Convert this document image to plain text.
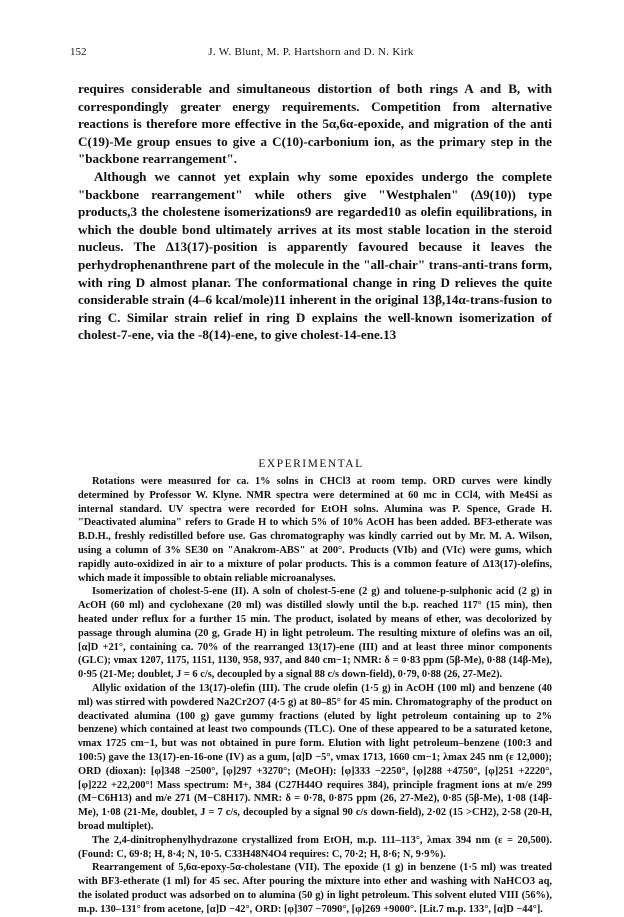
152	J. W. Blunt, M. P. Hartshorn and D. N. Kirk

requires considerable and simultaneous distortion of both rings A and B, with correspondingly greater energy requirements. Competition from alternative reactions is therefore more effective in the 5α,6α-epoxide, and migration of the anti C(19)-Me group ensues to give a C(10)-carbonium ion, as the primary step in the "backbone rearrangement".

Although we cannot yet explain why some epoxides undergo the complete "backbone rearrangement" while others give "Westphalen" (Δ9(10)) type products,3 the cholestene isomerizations9 are regarded10 as olefin equilibrations, in which the double bond ultimately arrives at its most stable location in the steroid nucleus. The Δ13(17)-position is apparently favoured because it leaves the perhydrophenanthrene part of the molecule in the "all-chair" trans-anti-trans form, with ring D almost planar. The conformational change in ring D relieves the quite considerable strain (4–6 kcal/mole)11 inherent in the original 13β,14α-trans-fusion to ring C. Similar strain relief in ring D explains the well-known isomerization of cholest-7-ene, via the -8(14)-ene, to give cholest-14-ene.13

EXPERIMENTAL

Rotations were measured for ca. 1% solns in CHCl3 at room temp. ORD curves were kindly determined by Professor W. Klyne. NMR spectra were determined at 60 mc in CCl4, with Me4Si as internal standard. UV spectra were recorded for EtOH solns. Alumina was P. Spence, Grade H. "Deactivated alumina" refers to Grade H to which 5% of 10% AcOH has been added. BF3-etherate was B.D.H., freshly redistilled before use. Gas chromatography was kindly carried out by Mr. M. A. Wilson, using a column of 3% SE30 on "Anakrom-ABS" at 200°. Products (VIb) and (VIc) were gums, which rapidly auto-oxidized in air to a mixture of polar products. This is a common feature of Δ13(17)-olefins, which made it impossible to obtain reliable microanalyses.

Isomerization of cholest-5-ene (II). A soln of cholest-5-ene (2 g) and toluene-p-sulphonic acid (2 g) in AcOH (60 ml) and cyclohexane (20 ml) was distilled slowly until the b.p. reached 117° (15 min), then heated under reflux for a further 15 min. The product, isolated by means of ether, was decolorized by passage through alumina (20 g, Grade H) in light petroleum. The resulting mixture of olefins was an oil, [α]D +21°, containing ca. 70% of the rearranged 13(17)-ene (III) and at least three minor components (GLC); νmax 1207, 1175, 1151, 1130, 958, 937, and 840 cm−1; NMR: δ = 0·83 ppm (5β-Me), 0·88 (14β-Me), 0·95 (21-Me; doublet, J = 6 c/s, decoupled by a signal 88 c/s down-field), 0·79, 0·88 (26, 27-Me2).

Allylic oxidation of the 13(17)-olefin (III). The crude olefin (1·5 g) in AcOH (100 ml) and benzene (40 ml) was stirred with powdered Na2Cr2O7 (4·5 g) at 80–85° for 45 min. Chromatography of the product on deactivated alumina (100 g) gave gummy fractions (eluted by light petroleum containing up to 2% benzene) which contained at least two compounds (TLC). One of these appeared to be a saturated ketone, νmax 1725 cm−1, but was not obtained in pure form. Elution with light petroleum–benzene (100:3 and 100:5) gave the 13(17)-en-16-one (IV) as a gum, [α]D −5°, νmax 1713, 1660 cm−1; λmax 245 nm (ε 12,000); ORD (dioxan): [φ]348 −2500°, [φ]297 +3270°; (MeOH): [φ]333 −2250°, [φ]288 +4750°, [φ]251 +2220°, [φ]222 +22,200°! Mass spectrum: M+, 384 (C27H44O requires 384), principle fragment ions at m/e 299 (M−C6H13) and m/e 271 (M−C8H17). NMR: δ = 0·78, 0·875 ppm (26, 27-Me2), 0·85 (5β-Me), 1·08 (14β-Me), 1·08 (21-Me, doublet, J = 7 c/s, decoupled by a signal 90 c/s down-field), 2·02 (15 >CH2), 2·58 (20-H, broad multiplet).

The 2,4-dinitrophenylhydrazone crystallized from EtOH, m.p. 111–113°, λmax 394 nm (ε = 20,500). (Found: C, 69·8; H, 8·4; N, 10·5. C33H48N4O4 requires: C, 70·2; H, 8·6; N, 9·9%).

Rearrangement of 5,6α-epoxy-5α-cholestane (VII). The epoxide (1 g) in benzene (1·5 ml) was treated with BF3-etherate (1 ml) for 45 sec. After pouring the mixture into ether and washing with NaHCO3 aq, the isolated product was adsorbed on to alumina (50 g) in light petroleum. This solvent eluted VIII (56%), m.p. 130–131° from acetone, [α]D −42°, ORD: [φ]307 −7090°, [φ]269 +9000°. [Lit.7 m.p. 133°, [α]D −44°].
